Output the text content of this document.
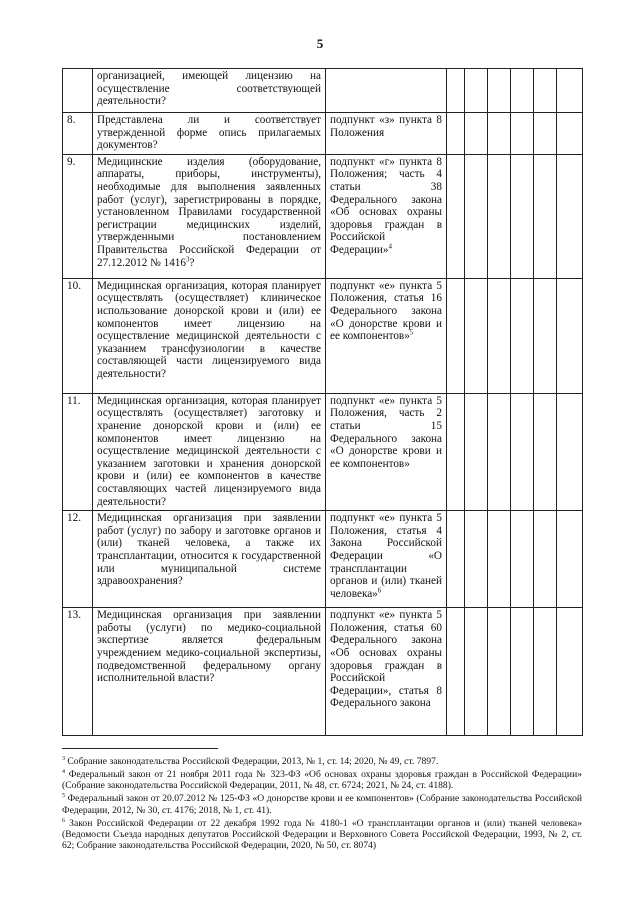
5
	организацией, имеющей лицензию на осуществление соответствующей деятельности?							
8.	Представлена ли и соответствует утвержденной форме опись прилагаемых документов?	подпункт «з» пункта 8 Положения						
9.	Медицинские изделия (оборудование, аппараты, приборы, инструменты), необходимые для выполнения заявленных работ (услуг), зарегистрированы в порядке, установленном Правилами государственной регистрации медицинских изделий, утвержденными постановлением Правительства Российской Федерации от 27.12.2012 № 1416$^3$?	подпункт «г» пункта 8 Положения; часть 4 статьи 38 Федерального закона «Об основах охраны здоровья граждан в Российской Федерации»$^4$						
10.	Медицинская организация, которая планирует осуществлять (осуществляет) клиническое использование донорской крови и (или) ее компонентов имеет лицензию на осуществление медицинской деятельности с указанием трансфузиологии в качестве составляющей части лицензируемого вида деятельности?	подпункт «е» пункта 5 Положения, статья 16 Федерального закона «О донорстве крови и ее компонентов»$^5$						
11.	Медицинская организация, которая планирует осуществлять (осуществляет) заготовку и хранение донорской крови и (или) ее компонентов имеет лицензию на осуществление медицинской деятельности с указанием заготовки и хранения донорской крови и (или) ее компонентов в качестве составляющих частей лицензируемого вида деятельности?	подпункт «е» пункта 5 Положения, часть 2 статьи 15 Федерального закона «О донорстве крови и ее компонентов»						
12.	Медицинская организация при заявлении работ (услуг) по забору и заготовке органов и (или) тканей человека, а также их трансплантации, относится к государственной или муниципальной системе здравоохранения?	подпункт «е» пункта 5 Положения, статья 4 Закона Российской Федерации «О трансплантации органов и (или) тканей человека»$^6$						
13.	Медицинская организация при заявлении работы (услуги) по медико-социальной экспертизе является федеральным учреждением медико-социальной экспертизы, подведомственной федеральному органу исполнительной власти?	подпункт «е» пункта 5 Положения, статья 60 Федерального закона «Об основах охраны здоровья граждан в Российской Федерации», статья 8 Федерального закона						

$^3$ Собрание законодательства Российской Федерации, 2013, № 1, ст. 14; 2020, № 49, ст. 7897.

$^4$ Федеральный закон от 21 ноября 2011 года № 323-ФЗ «Об основах охраны здоровья граждан в Российской Федерации» (Собрание законодательства Российской Федерации, 2011, № 48, ст. 6724; 2021, № 24, ст. 4188).

$^5$ Федеральный закон от 20.07.2012 № 125-ФЗ «О донорстве крови и ее компонентов» (Собрание законодательства Российской Федерации, 2012, № 30, ст. 4176; 2018, № 1, ст. 41).

$^6$ Закон Российской Федерации от 22 декабря 1992 года № 4180-1 «О трансплантации органов и (или) тканей человека» (Ведомости Съезда народных депутатов Российской Федерации и Верховного Совета Российской Федерации, 1993, № 2, ст. 62; Собрание законодательства Российской Федерации, 2020, № 50, ст. 8074)
